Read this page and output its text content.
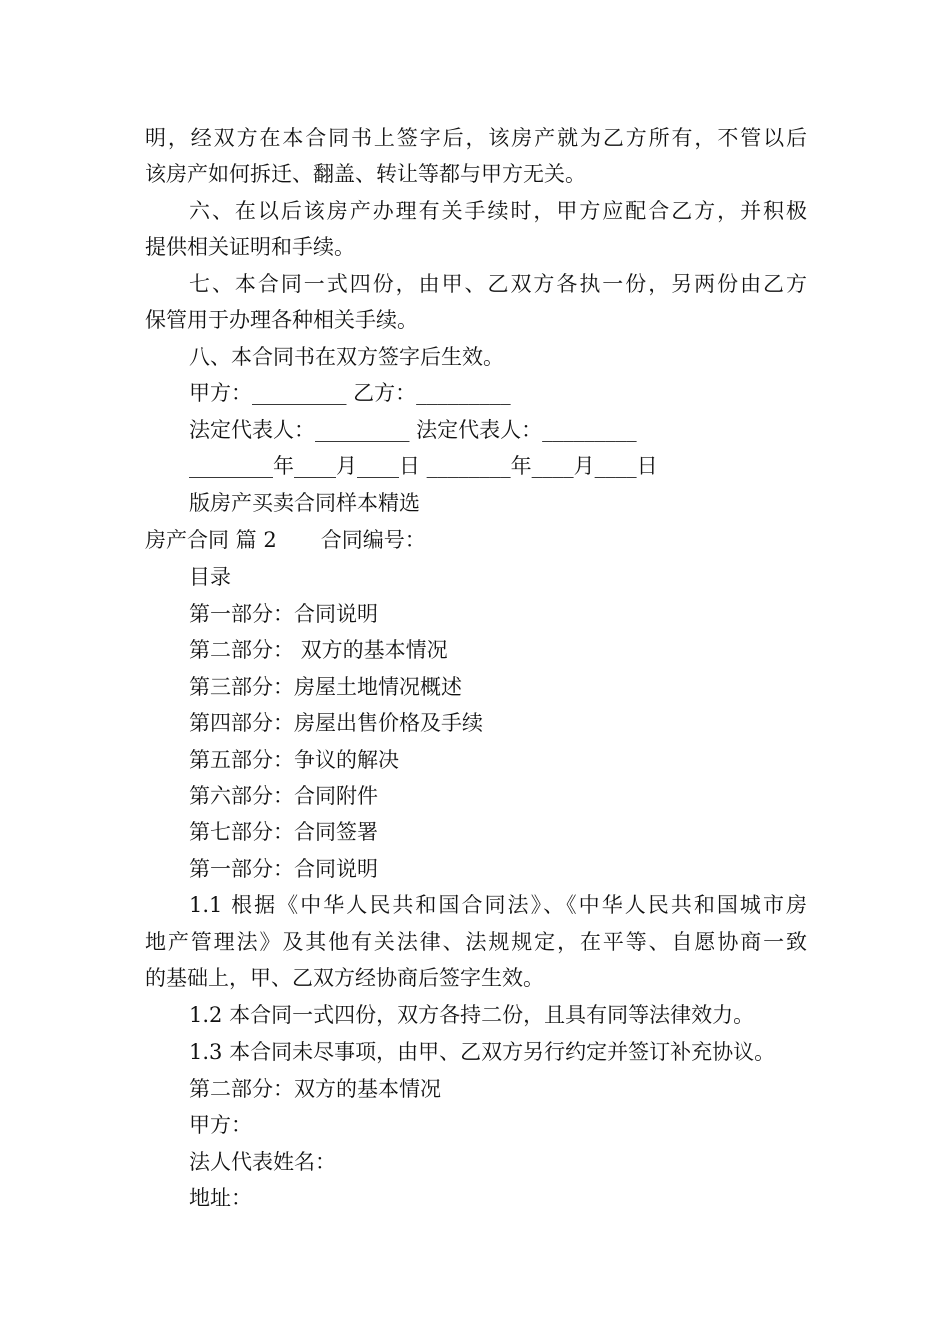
明，经双方在本合同书上签字后，该房产就为乙方所有，不管以后
该房产如何拆迁、翻盖、转让等都与甲方无关。
六、在以后该房产办理有关手续时，甲方应配合乙方，并积极
提供相关证明和手续。
七、本合同一式四份，由甲、乙双方各执一份，另两份由乙方
保管用于办理各种相关手续。
八、本合同书在双方签字后生效。
甲方：_________ 乙方：_________
法定代表人：_________ 法定代表人：_________
________年____月____日 ________年____月____日
版房产买卖合同样本精选
房产合同 篇 2 合同编号：
目录
第一部分：合同说明
第二部分： 双方的基本情况
第三部分：房屋土地情况概述
第四部分：房屋出售价格及手续
第五部分：争议的解决
第六部分：合同附件
第七部分：合同签署
第一部分：合同说明
1.1 根据《中华人民共和国合同法》、《中华人民共和国城市房
地产管理法》及其他有关法律、法规规定，在平等、自愿协商一致
的基础上，甲、乙双方经协商后签字生效。
1.2 本合同一式四份，双方各持二份，且具有同等法律效力。
1.3 本合同未尽事项，由甲、乙双方另行约定并签订补充协议。
第二部分：双方的基本情况
甲方：
法人代表姓名：
地址：
